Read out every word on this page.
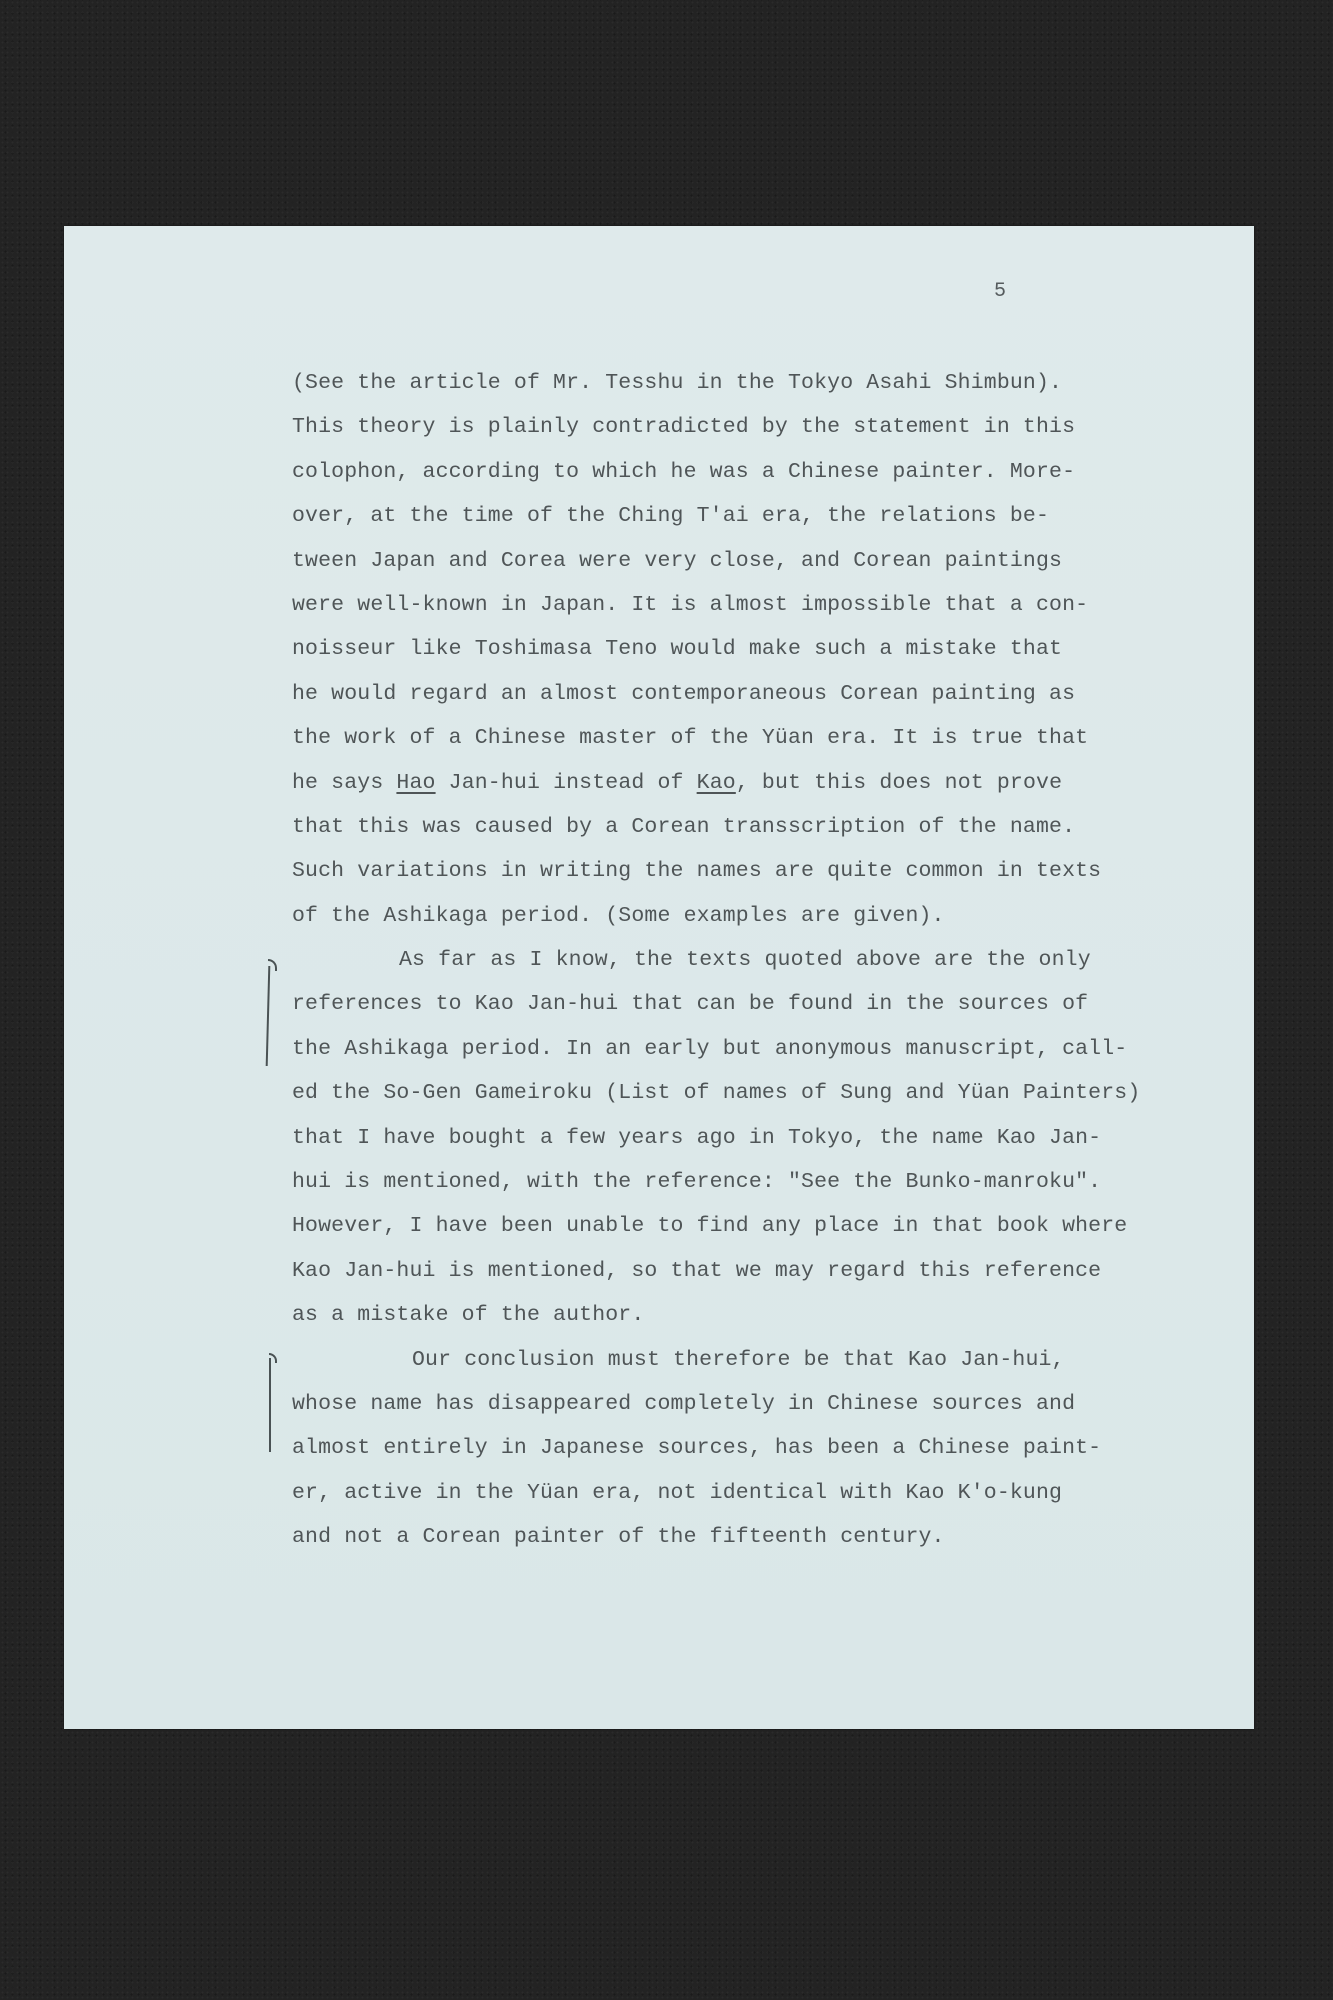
5
(See the article of Mr. Tesshu in the Tokyo Asahi Shimbun).
This theory is plainly contradicted by the statement in this
colophon, according to which he was a Chinese painter. More-
over, at the time of the Ching T'ai era, the relations be-
tween Japan and Corea were very close, and Corean paintings
were well-known in Japan. It is almost impossible that a con-
noisseur like Toshimasa Teno would make such a mistake that
he would regard an almost contemporaneous Corean painting as
the work of a Chinese master of the Yüan era. It is true that
he says Hao Jan-hui instead of Kao, but this does not prove
that this was caused by a Corean transscription of the name.
Such variations in writing the names are quite common in texts
of the Ashikaga period. (Some examples are given).
As far as I know, the texts quoted above are the only
references to Kao Jan-hui that can be found in the sources of
the Ashikaga period. In an early but anonymous manuscript, call-
ed the So-Gen Gameiroku (List of names of Sung and Yüan Painters)
that I have bought a few years ago in Tokyo, the name Kao Jan-
hui is mentioned, with the reference: "See the Bunko-manroku".
However, I have been unable to find any place in that book where
Kao Jan-hui is mentioned, so that we may regard this reference
as a mistake of the author.
Our conclusion must therefore be that Kao Jan-hui,
whose name has disappeared completely in Chinese sources and
almost entirely in Japanese sources, has been a Chinese paint-
er, active in the Yüan era, not identical with Kao K'o-kung
and not a Corean painter of the fifteenth century.
